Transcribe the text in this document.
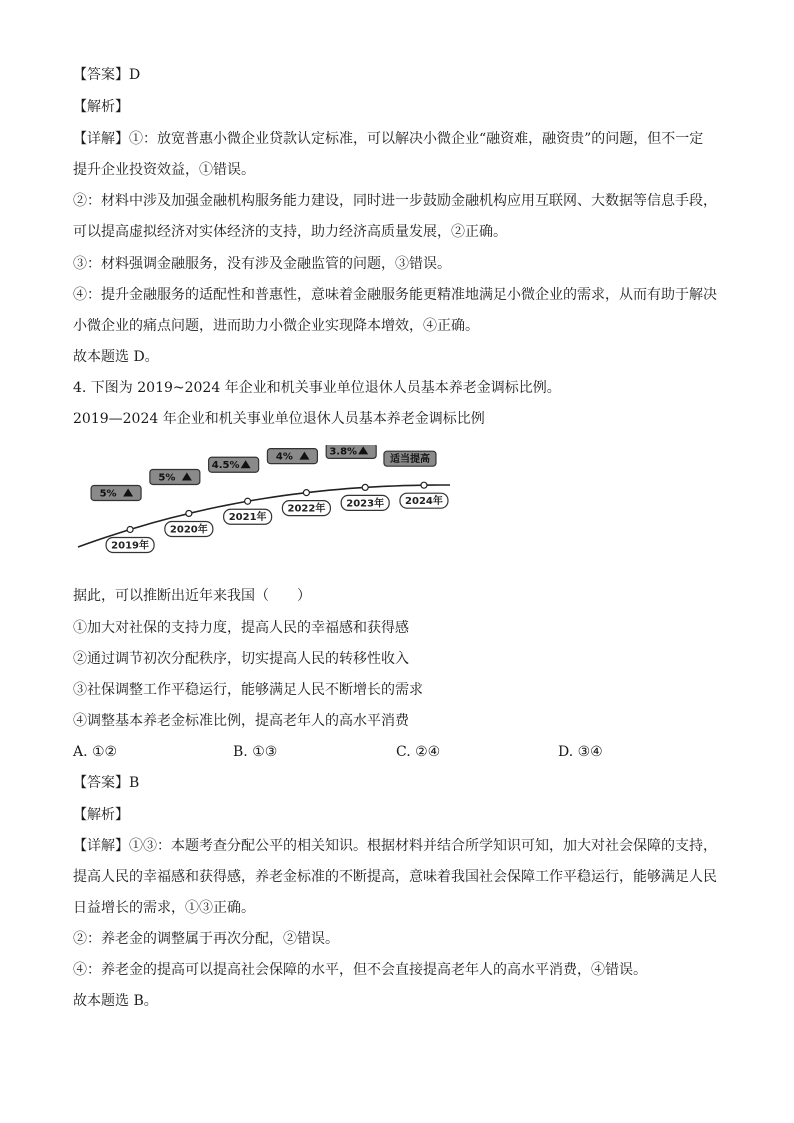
【答案】D
【解析】
【详解】①：放宽普惠小微企业贷款认定标准，可以解决小微企业“融资难，融资贵”的问题，但不一定
提升企业投资效益，①错误。
②：材料中涉及加强金融机构服务能力建设，同时进一步鼓励金融机构应用互联网、大数据等信息手段，
可以提高虚拟经济对实体经济的支持，助力经济高质量发展，②正确。
③：材料强调金融服务，没有涉及金融监管的问题，③错误。
④：提升金融服务的适配性和普惠性，意味着金融服务能更精准地满足小微企业的需求，从而有助于解决
小微企业的痛点问题，进而助力小微企业实现降本增效，④正确。
故本题选 D。
4. 下图为 2019~2024 年企业和机关事业单位退休人员基本养老金调标比例。
2019—2024 年企业和机关事业单位退休人员基本养老金调标比例
2019年
5%
2020年
5%
2021年
4.5%
2022年
4%
2023年
3.8%
2024年
适当提高
据此，可以推断出近年来我国（　　）
①加大对社保的支持力度，提高人民的幸福感和获得感
②通过调节初次分配秩序，切实提高人民的转移性收入
③社保调整工作平稳运行，能够满足人民不断增长的需求
④调整基本养老金标准比例，提高老年人的高水平消费
A. ①②	B. ①③	C. ②④	D. ③④
【答案】B
【解析】
【详解】①③：本题考查分配公平的相关知识。根据材料并结合所学知识可知，加大对社会保障的支持，
提高人民的幸福感和获得感，养老金标准的不断提高，意味着我国社会保障工作平稳运行，能够满足人民
日益增长的需求，①③正确。
②：养老金的调整属于再次分配，②错误。
④：养老金的提高可以提高社会保障的水平，但不会直接提高老年人的高水平消费，④错误。
故本题选 B。
